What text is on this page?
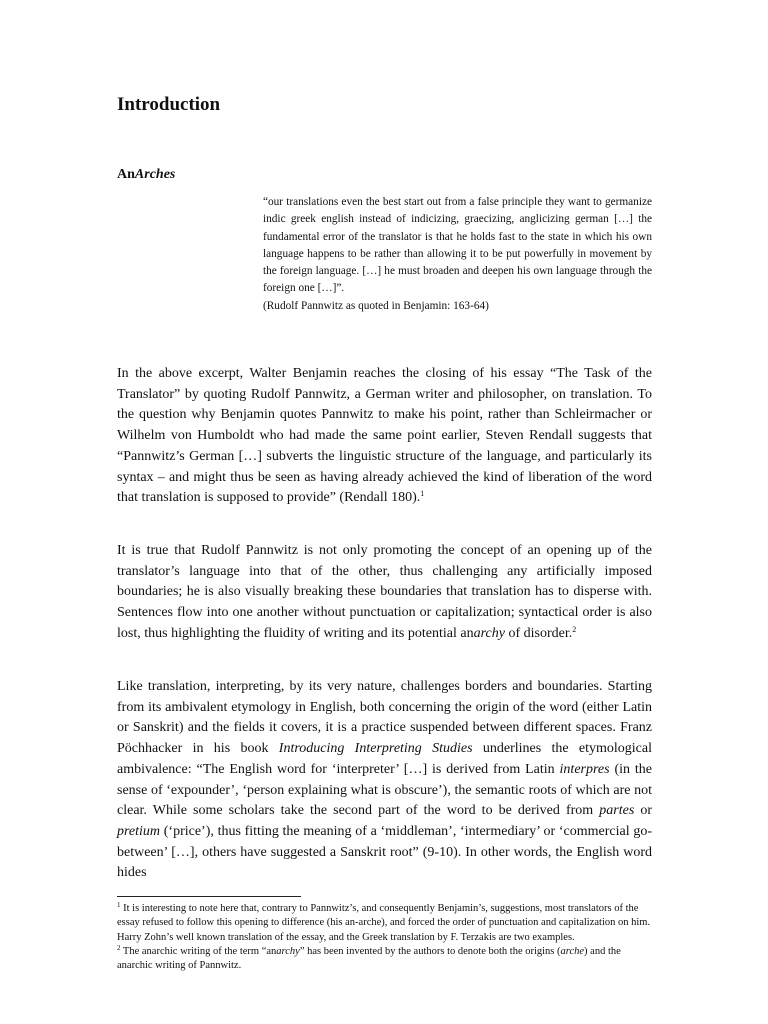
Introduction

AnArches

“our translations even the best start out from a false principle they want to germanize indic greek english instead of indicizing, graecizing, anglicizing german […] the fundamental error of the translator is that he holds fast to the state in which his own language happens to be rather than allowing it to be put powerfully in movement by the foreign language. […] he must broaden and deepen his own language through the foreign one […]”.
(Rudolf Pannwitz as quoted in Benjamin: 163-64)

In the above excerpt, Walter Benjamin reaches the closing of his essay “The Task of the Translator” by quoting Rudolf Pannwitz, a German writer and philosopher, on translation. To the question why Benjamin quotes Pannwitz to make his point, rather than Schleirmacher or Wilhelm von Humboldt who had made the same point earlier, Steven Rendall suggests that “Pannwitz’s German […] subverts the linguistic structure of the language, and particularly its syntax – and might thus be seen as having already achieved the kind of liberation of the word that translation is supposed to provide” (Rendall 180).$^1$

It is true that Rudolf Pannwitz is not only promoting the concept of an opening up of the translator’s language into that of the other, thus challenging any artificially imposed boundaries; he is also visually breaking these boundaries that translation has to disperse with. Sentences flow into one another without punctuation or capitalization; syntactical order is also lost, thus highlighting the fluidity of writing and its potential anarchy of disorder.$^2$

Like translation, interpreting, by its very nature, challenges borders and boundaries. Starting from its ambivalent etymology in English, both concerning the origin of the word (either Latin or Sanskrit) and the fields it covers, it is a practice suspended between different spaces. Franz Pöchhacker in his book Introducing Interpreting Studies underlines the etymological ambivalence: “The English word for ‘interpreter’ […] is derived from Latin interpres (in the sense of ‘expounder’, ‘person explaining what is obscure’), the semantic roots of which are not clear. While some scholars take the second part of the word to be derived from partes or pretium (‘price’), thus fitting the meaning of a ‘middleman’, ‘intermediary’ or ‘commercial go-between’ […], others have suggested a Sanskrit root” (9-10). In other words, the English word hides

$^1$ It is interesting to note here that, contrary to Pannwitz’s, and consequently Benjamin’s, suggestions, most translators of the essay refused to follow this opening to difference (his an-arche), and forced the order of punctuation and capitalization on him. Harry Zohn’s well known translation of the essay, and the Greek translation by F. Terzakis are two examples.

$^2$ The anarchic writing of the term “anarchy” has been invented by the authors to denote both the origins (arche) and the anarchic writing of Pannwitz.
